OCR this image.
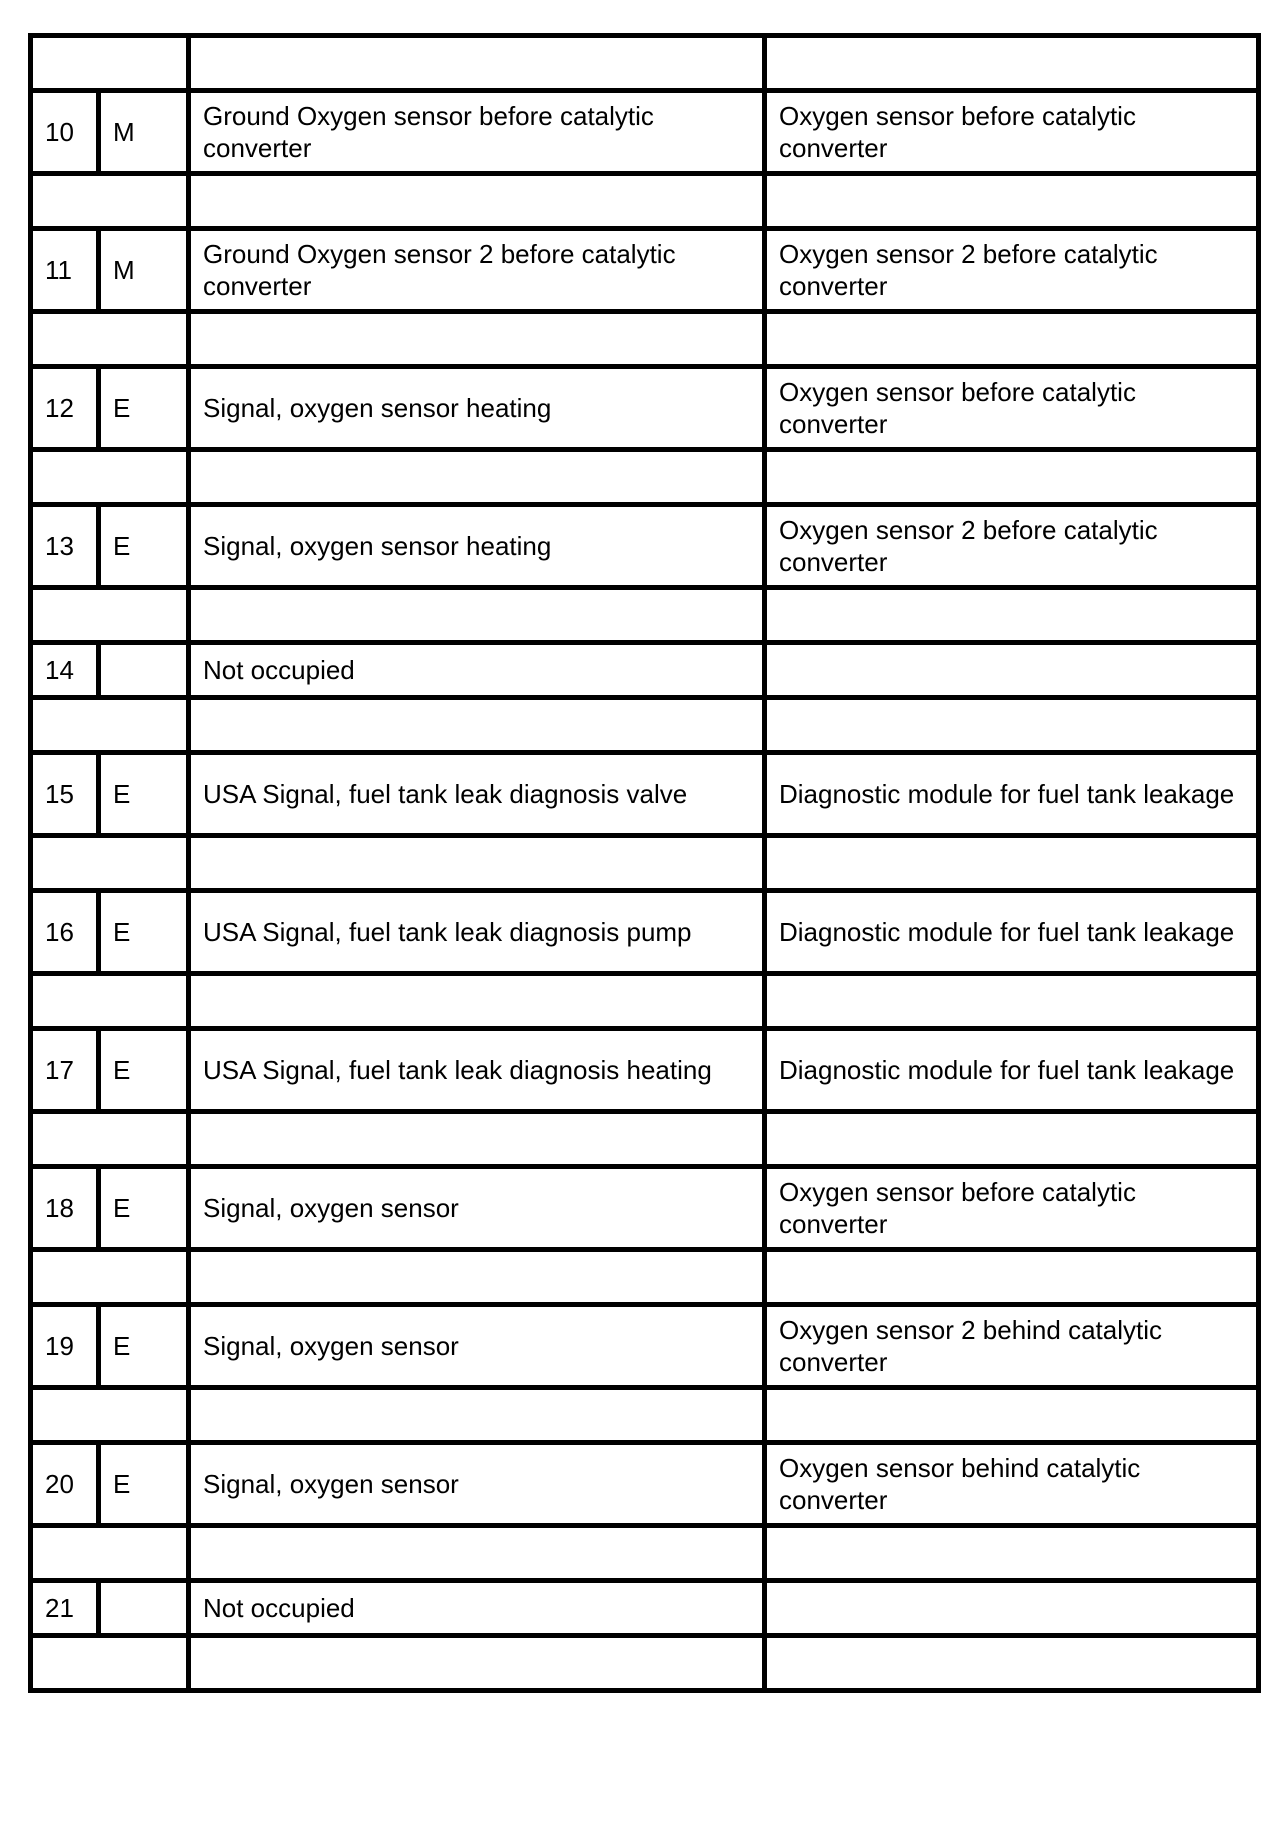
10	M	Ground Oxygen sensor before catalytic converter	Oxygen sensor before catalytic converter

11	M	Ground Oxygen sensor 2 before catalytic converter	Oxygen sensor 2 before catalytic converter

12	E	Signal, oxygen sensor heating	Oxygen sensor before catalytic converter

13	E	Signal, oxygen sensor heating	Oxygen sensor 2 before catalytic converter

14		Not occupied	

15	E	USA Signal, fuel tank leak diagnosis valve	Diagnostic module for fuel tank leakage

16	E	USA Signal, fuel tank leak diagnosis pump	Diagnostic module for fuel tank leakage

17	E	USA Signal, fuel tank leak diagnosis heating	Diagnostic module for fuel tank leakage

18	E	Signal, oxygen sensor	Oxygen sensor before catalytic converter

19	E	Signal, oxygen sensor	Oxygen sensor 2 behind catalytic converter

20	E	Signal, oxygen sensor	Oxygen sensor behind catalytic converter

21		Not occupied	
